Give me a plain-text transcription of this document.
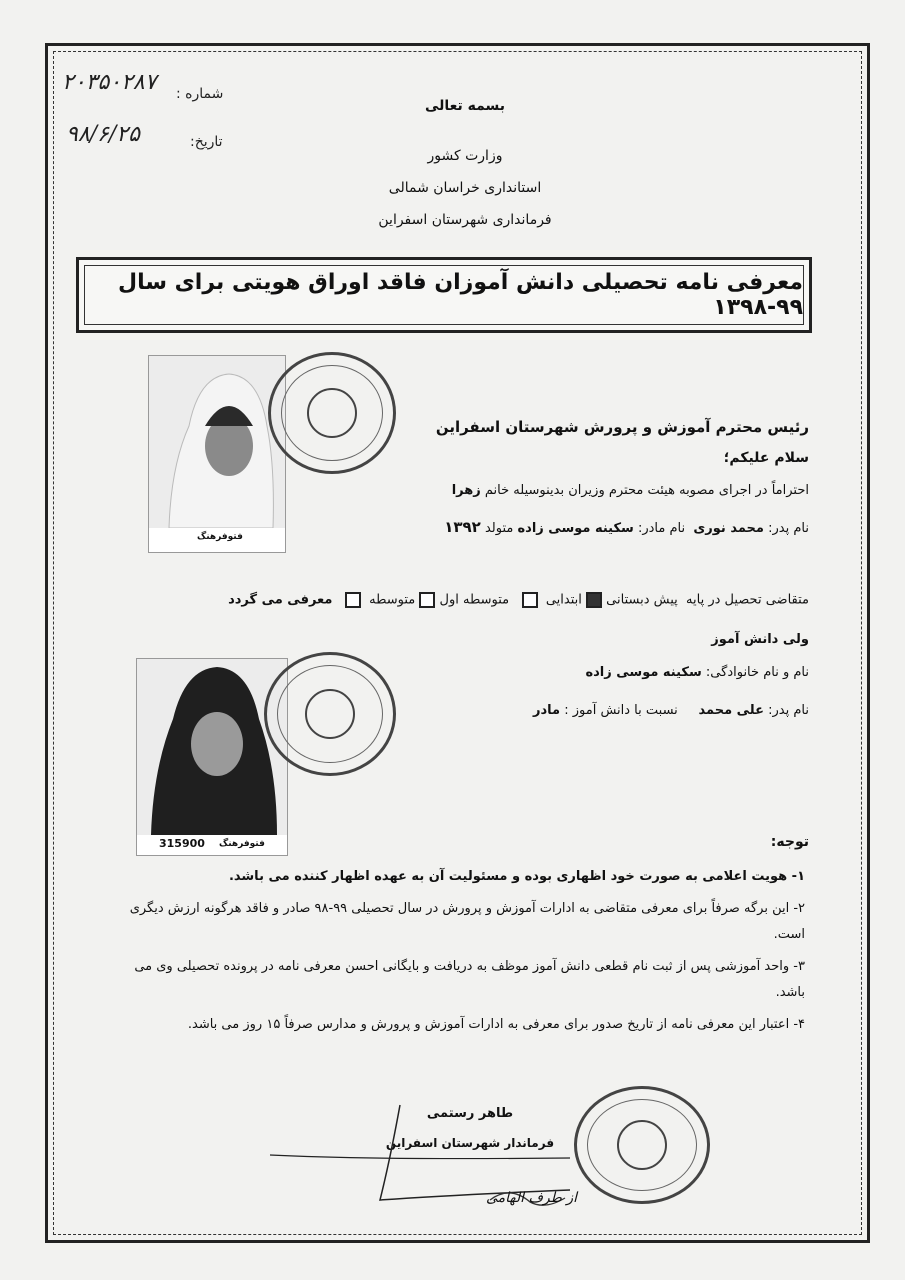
۲۰۳۵۰۲۸۷ شماره :
۹۸/۶/۲۵	تاریخ:
بسمه تعالی
وزارت کشور
استانداری خراسان شمالی
فرمانداری شهرستان اسفراین
معرفی نامه تحصیلی دانش آموزان فاقد اوراق هویتی برای سال ۹۹-۱۳۹۸
فتوفرهنگ
رئیس محترم آموزش و پرورش شهرستان اسفراین
سلام علیکم؛
احتراماً در اجرای مصوبه هیئت محترم وزیران بدینوسیله خانم زهرا
نام پدر: محمد نوری  نام مادر: سکینه موسی زاده متولد ۱۳۹۲
متقاضی تحصیل در پایه  پیش دبستانی  ابتدایی     متوسطه اول  متوسطه     معرفی می گردد
315900 فتوفرهنگ
ولی دانش آموز
نام و نام خانوادگی: سکینه موسی زاده
نام پدر: علی محمد     نسبت با دانش آموز : مادر
توجه:

۱- هویت اعلامی به صورت خود اظهاری بوده و مسئولیت آن به عهده اظهار کننده می باشد.

۲- این برگه صرفاً برای معرفی متقاضی به ادارات آموزش و پرورش در سال تحصیلی ۹۹-۹۸ صادر و فاقد هرگونه ارزش دیگری است.

۳- واحد آموزشی پس از ثبت نام قطعی دانش آموز موظف به دریافت و بایگانی احسن معرفی نامه در پرونده تحصیلی وی می باشد.

۴- اعتبار این معرفی نامه از تاریخ صدور برای معرفی به ادارات آموزش و پرورش و مدارس صرفاً ۱۵ روز می باشد.

طاهر رستمی
فرماندار شهرستان اسفراین
از طرف الهامی
